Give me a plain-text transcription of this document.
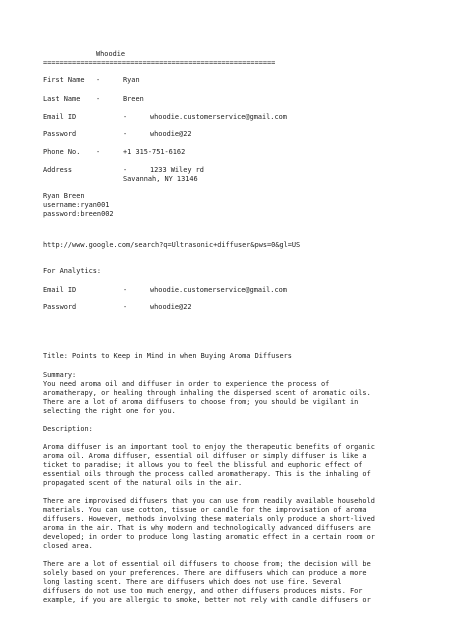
Whoodie
========================================================
First Name -	Ryan
Last Name -	Breen
Email ID	-	whoodie.customerservice@gmail.com
Password	-	whoodie@22
Phone No. -	+1 315-751-6162
Address	-	1233 Wiley rd
Savannah, NY 13146
Ryan Breen
username:ryan001
password:breen002
http://www.google.com/search?q=Ultrasonic+diffuser&pws=0&gl=US
For Analytics:
Email ID	-	whoodie.customerservice@gmail.com
Password	-	whoodie@22
Title: Points to Keep in Mind in when Buying Aroma Diffusers
Summary:
You need aroma oil and diffuser in order to experience the process of
aromatherapy, or healing through inhaling the dispersed scent of aromatic oils.
There are a lot of aroma diffusers to choose from; you should be vigilant in
selecting the right one for you.
Description:
Aroma diffuser is an important tool to enjoy the therapeutic benefits of organic
aroma oil. Aroma diffuser, essential oil diffuser or simply diffuser is like a
ticket to paradise; it allows you to feel the blissful and euphoric effect of
essential oils through the process called aromatherapy. This is the inhaling of
propagated scent of the natural oils in the air.
There are improvised diffusers that you can use from readily available household
materials. You can use cotton, tissue or candle for the improvisation of aroma
diffusers. However, methods involving these materials only produce a short-lived
aroma in the air. That is why modern and technologically advanced diffusers are
developed; in order to produce long lasting aromatic effect in a certain room or
closed area.
There are a lot of essential oil diffusers to choose from; the decision will be
solely based on your preferences. There are diffusers which can produce a more
long lasting scent. There are diffusers which does not use fire. Several
diffusers do not use too much energy, and other diffusers produces mists. For
example, if you are allergic to smoke, better not rely with candle diffusers or
